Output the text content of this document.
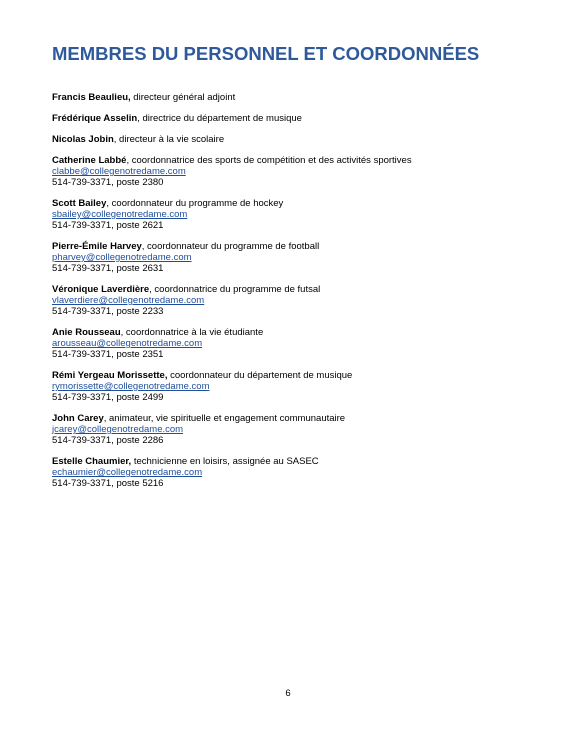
MEMBRES DU PERSONNEL ET COORDONNÉES
Francis Beaulieu, directeur général adjoint
Frédérique Asselin, directrice du département de musique
Nicolas Jobin, directeur à la vie scolaire
Catherine Labbé, coordonnatrice des sports de compétition et des activités sportives
clabbe@collegenotredame.com
514-739-3371, poste 2380
Scott Bailey, coordonnateur du programme de hockey
sbailey@collegenotredame.com
514-739-3371, poste 2621
Pierre-Émile Harvey, coordonnateur du programme de football
pharvey@collegenotredame.com
514-739-3371, poste 2631
Véronique Laverdière, coordonnatrice du programme de futsal
vlaverdiere@collegenotredame.com
514-739-3371, poste 2233
Anie Rousseau, coordonnatrice à la vie étudiante
arousseau@collegenotredame.com
514-739-3371, poste 2351
Rémi Yergeau Morissette, coordonnateur du département de musique
rymorissette@collegenotredame.com
514-739-3371, poste 2499
John Carey, animateur, vie spirituelle et engagement communautaire
jcarey@collegenotredame.com
514-739-3371, poste 2286
Estelle Chaumier, technicienne en loisirs, assignée au SASEC
echaumier@collegenotredame.com
514-739-3371, poste 5216
6
